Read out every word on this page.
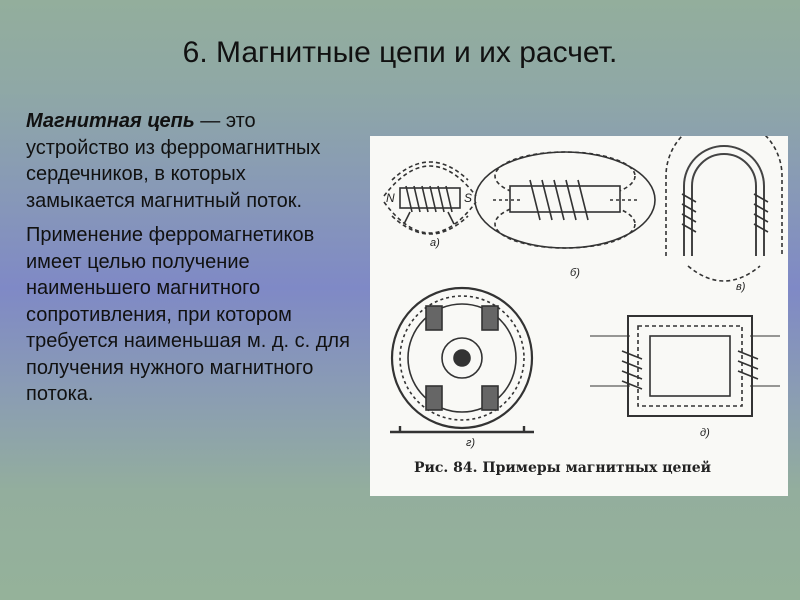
6. Магнитные цепи и их расчет.

Магнитная цепь — это устройство из ферромагнитных сердечников, в которых замыкается магнитный поток.

Применение ферромагнетиков имеет целью получение наименьшего магнитного сопротивления, при котором требуется наименьшая м. д. с. для получения нужного магнитного потока.

N	S
а)
б)
в)
г)
д)
Рис. 84. Примеры магнитных цепей
